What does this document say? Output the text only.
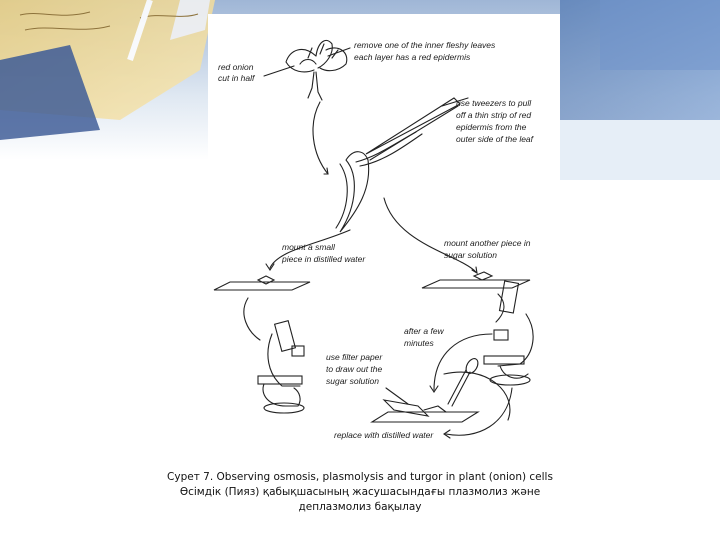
red onion cut in half
remove one of the inner fleshy leaves each layer has a red epidermis
use tweezers to pull off a thin strip of red epidermis from the outer side of the leaf
mount a small piece in distilled water
mount another piece in sugar solution
after a few minutes
use filter paper to draw out the sugar solution
replace with distilled water
Сурет 7. Observing osmosis, plasmolysis and turgor in plant (onion) cells
Өсімдік (Пияз) қабықшасының жасушасындағы плазмолиз және
деплазмолиз бақылау
